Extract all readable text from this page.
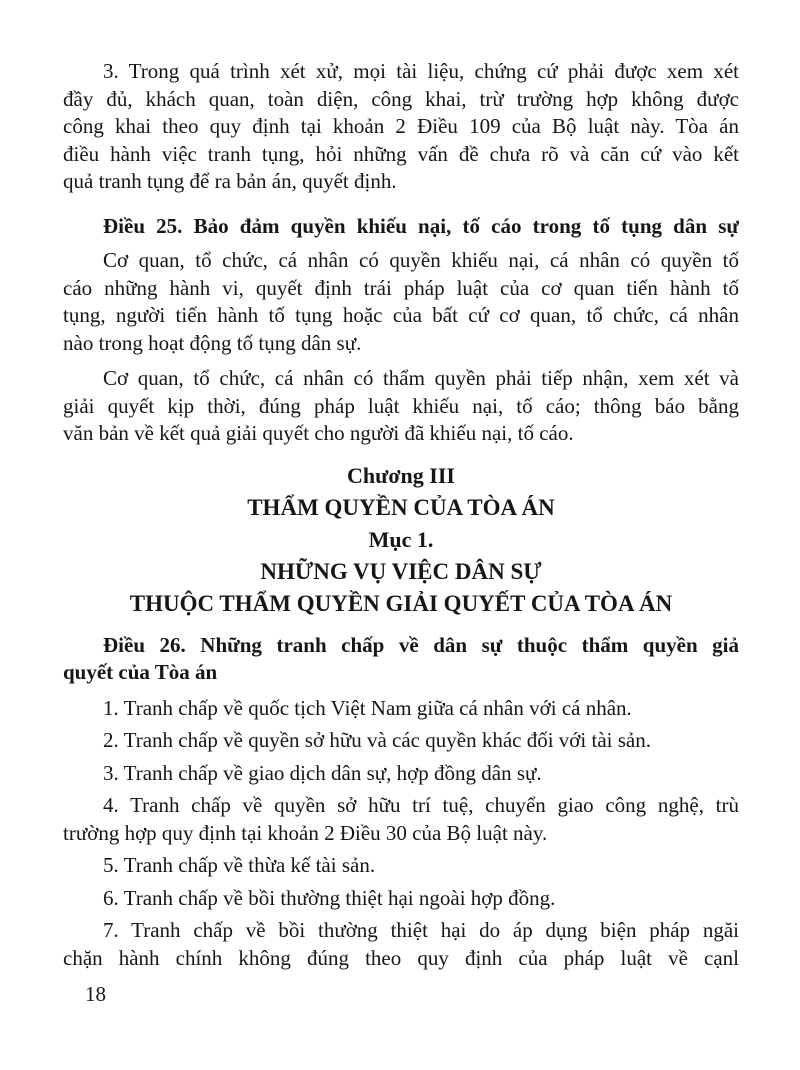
3. Trong quá trình xét xử, mọi tài liệu, chứng cứ phải được xem xét
đầy đủ, khách quan, toàn diện, công khai, trừ trường hợp không được
công khai theo quy định tại khoản 2 Điều 109 của Bộ luật này. Tòa án
điều hành việc tranh tụng, hỏi những vấn đề chưa rõ và căn cứ vào kết
quả tranh tụng để ra bản án, quyết định.

Điều 25. Bảo đảm quyền khiếu nại, tố cáo trong tố tụng dân sự

Cơ quan, tổ chức, cá nhân có quyền khiếu nại, cá nhân có quyền tố
cáo những hành vi, quyết định trái pháp luật của cơ quan tiến hành tố
tụng, người tiến hành tố tụng hoặc của bất cứ cơ quan, tổ chức, cá nhân
nào trong hoạt động tố tụng dân sự.

Cơ quan, tổ chức, cá nhân có thẩm quyền phải tiếp nhận, xem xét và
giải quyết kịp thời, đúng pháp luật khiếu nại, tố cáo; thông báo bằng
văn bản về kết quả giải quyết cho người đã khiếu nại, tố cáo.

Chương III
THẨM QUYỀN CỦA TÒA ÁN
Mục 1.
NHỮNG VỤ VIỆC DÂN SỰ
THUỘC THẨM QUYỀN GIẢI QUYẾT CỦA TÒA ÁN

Điều 26. Những tranh chấp về dân sự thuộc thẩm quyền giả
quyết của Tòa án

1. Tranh chấp về quốc tịch Việt Nam giữa cá nhân với cá nhân.

2. Tranh chấp về quyền sở hữu và các quyền khác đối với tài sản.

3. Tranh chấp về giao dịch dân sự, hợp đồng dân sự.

4. Tranh chấp về quyền sở hữu trí tuệ, chuyển giao công nghệ, trù
trường hợp quy định tại khoản 2 Điều 30 của Bộ luật này.

5. Tranh chấp về thừa kế tài sản.

6. Tranh chấp về bồi thường thiệt hại ngoài hợp đồng.

7. Tranh chấp về bồi thường thiệt hại do áp dụng biện pháp ngăi
chặn hành chính không đúng theo quy định của pháp luật về cạnl

18
